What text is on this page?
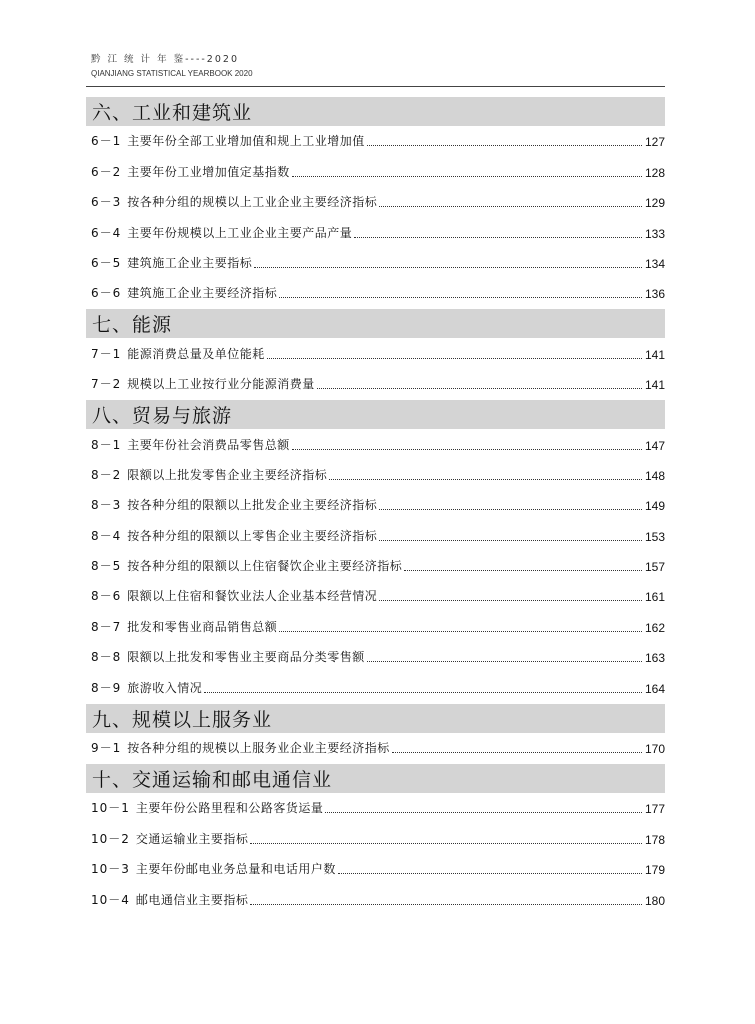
黔 江 统 计 年 鉴----2020
QIANJIANG STATISTICAL YEARBOOK 2020
六、工业和建筑业
6－1 主要年份全部工业增加值和规上工业增加值	127
6－2 主要年份工业增加值定基指数	128
6－3 按各种分组的规模以上工业企业主要经济指标	129
6－4 主要年份规模以上工业企业主要产品产量	133
6－5 建筑施工企业主要指标	134
6－6 建筑施工企业主要经济指标	136
七、能源
7－1 能源消费总量及单位能耗	141
7－2 规模以上工业按行业分能源消费量	141
八、贸易与旅游
8－1 主要年份社会消费品零售总额	147
8－2 限额以上批发零售企业主要经济指标	148
8－3 按各种分组的限额以上批发企业主要经济指标	149
8－4 按各种分组的限额以上零售企业主要经济指标	153
8－5 按各种分组的限额以上住宿餐饮企业主要经济指标	157
8－6 限额以上住宿和餐饮业法人企业基本经营情况	161
8－7 批发和零售业商品销售总额	162
8－8 限额以上批发和零售业主要商品分类零售额	163
8－9 旅游收入情况	164
九、规模以上服务业
9－1 按各种分组的规模以上服务业企业主要经济指标	170
十、交通运输和邮电通信业
10－1 主要年份公路里程和公路客货运量	177
10－2 交通运输业主要指标	178
10－3 主要年份邮电业务总量和电话用户数	179
10－4 邮电通信业主要指标	180
